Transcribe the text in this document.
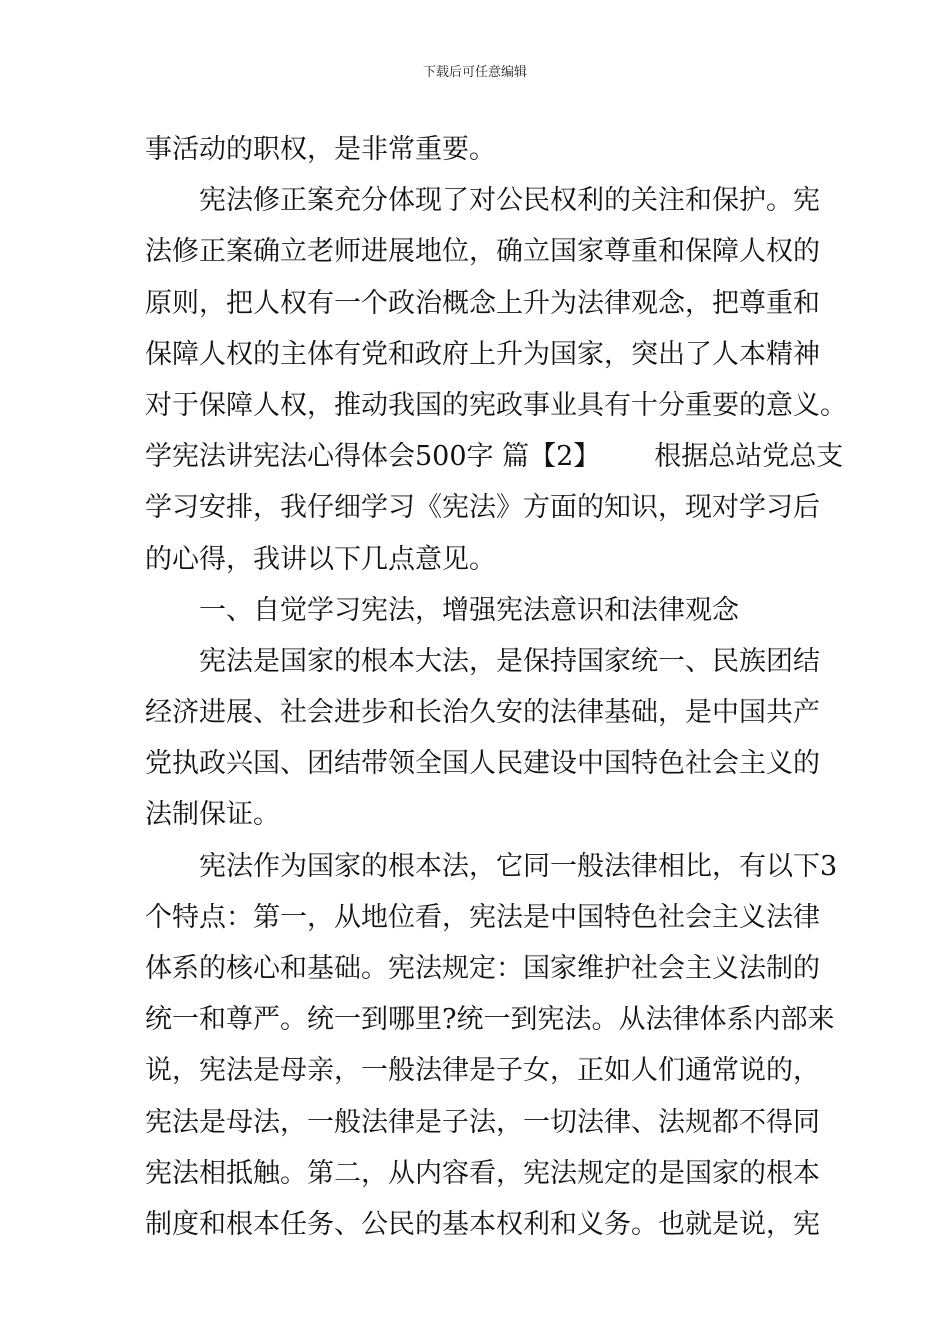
下载后可任意编辑
事活动的职权，是非常重要。
宪法修正案充分体现了对公民权利的关注和保护。宪
法修正案确立老师进展地位，确立国家尊重和保障人权的
原则，把人权有一个政治概念上升为法律观念，把尊重和
保障人权的主体有党和政府上升为国家，突出了人本精神
对于保障人权，推动我国的宪政事业具有十分重要的意义。
学宪法讲宪法心得体会500字 篇【2】 根据总站党总支
学习安排，我仔细学习《宪法》方面的知识，现对学习后
的心得，我讲以下几点意见。
一、自觉学习宪法，增强宪法意识和法律观念
宪法是国家的根本大法，是保持国家统一、民族团结
经济进展、社会进步和长治久安的法律基础，是中国共产
党执政兴国、团结带领全国人民建设中国特色社会主义的
法制保证。
宪法作为国家的根本法，它同一般法律相比，有以下3
个特点：第一，从地位看，宪法是中国特色社会主义法律
体系的核心和基础。宪法规定：国家维护社会主义法制的
统一和尊严。统一到哪里?统一到宪法。从法律体系内部来
说，宪法是母亲，一般法律是子女，正如人们通常说的，
宪法是母法，一般法律是子法，一切法律、法规都不得同
宪法相抵触。第二，从内容看，宪法规定的是国家的根本
制度和根本任务、公民的基本权利和义务。也就是说，宪
